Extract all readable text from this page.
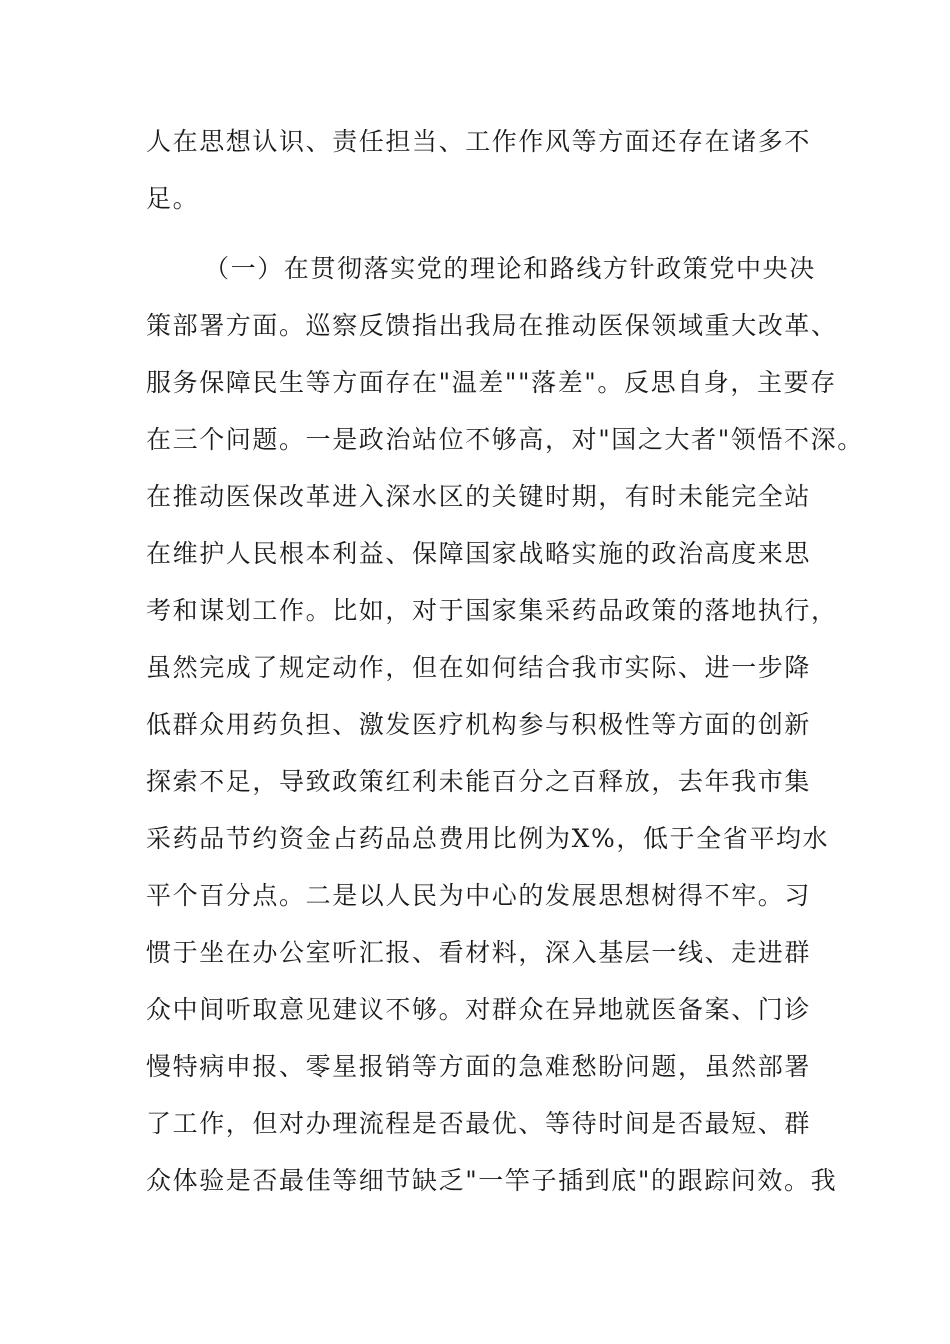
人在思想认识、责任担当、工作作风等方面还存在诸多不
足。
（一）在贯彻落实党的理论和路线方针政策党中央决
策部署方面。巡察反馈指出我局在推动医保领域重大改革、
服务保障民生等方面存在"温差""落差"。反思自身，主要存
在三个问题。一是政治站位不够高，对"国之大者"领悟不深。
在推动医保改革进入深水区的关键时期，有时未能完全站
在维护人民根本利益、保障国家战略实施的政治高度来思
考和谋划工作。比如，对于国家集采药品政策的落地执行，
虽然完成了规定动作，但在如何结合我市实际、进一步降
低群众用药负担、激发医疗机构参与积极性等方面的创新
探索不足，导致政策红利未能百分之百释放，去年我市集
采药品节约资金占药品总费用比例为X%，低于全省平均水
平个百分点。二是以人民为中心的发展思想树得不牢。习
惯于坐在办公室听汇报、看材料，深入基层一线、走进群
众中间听取意见建议不够。对群众在异地就医备案、门诊
慢特病申报、零星报销等方面的急难愁盼问题，虽然部署
了工作，但对办理流程是否最优、等待时间是否最短、群
众体验是否最佳等细节缺乏"一竿子插到底"的跟踪问效。我
